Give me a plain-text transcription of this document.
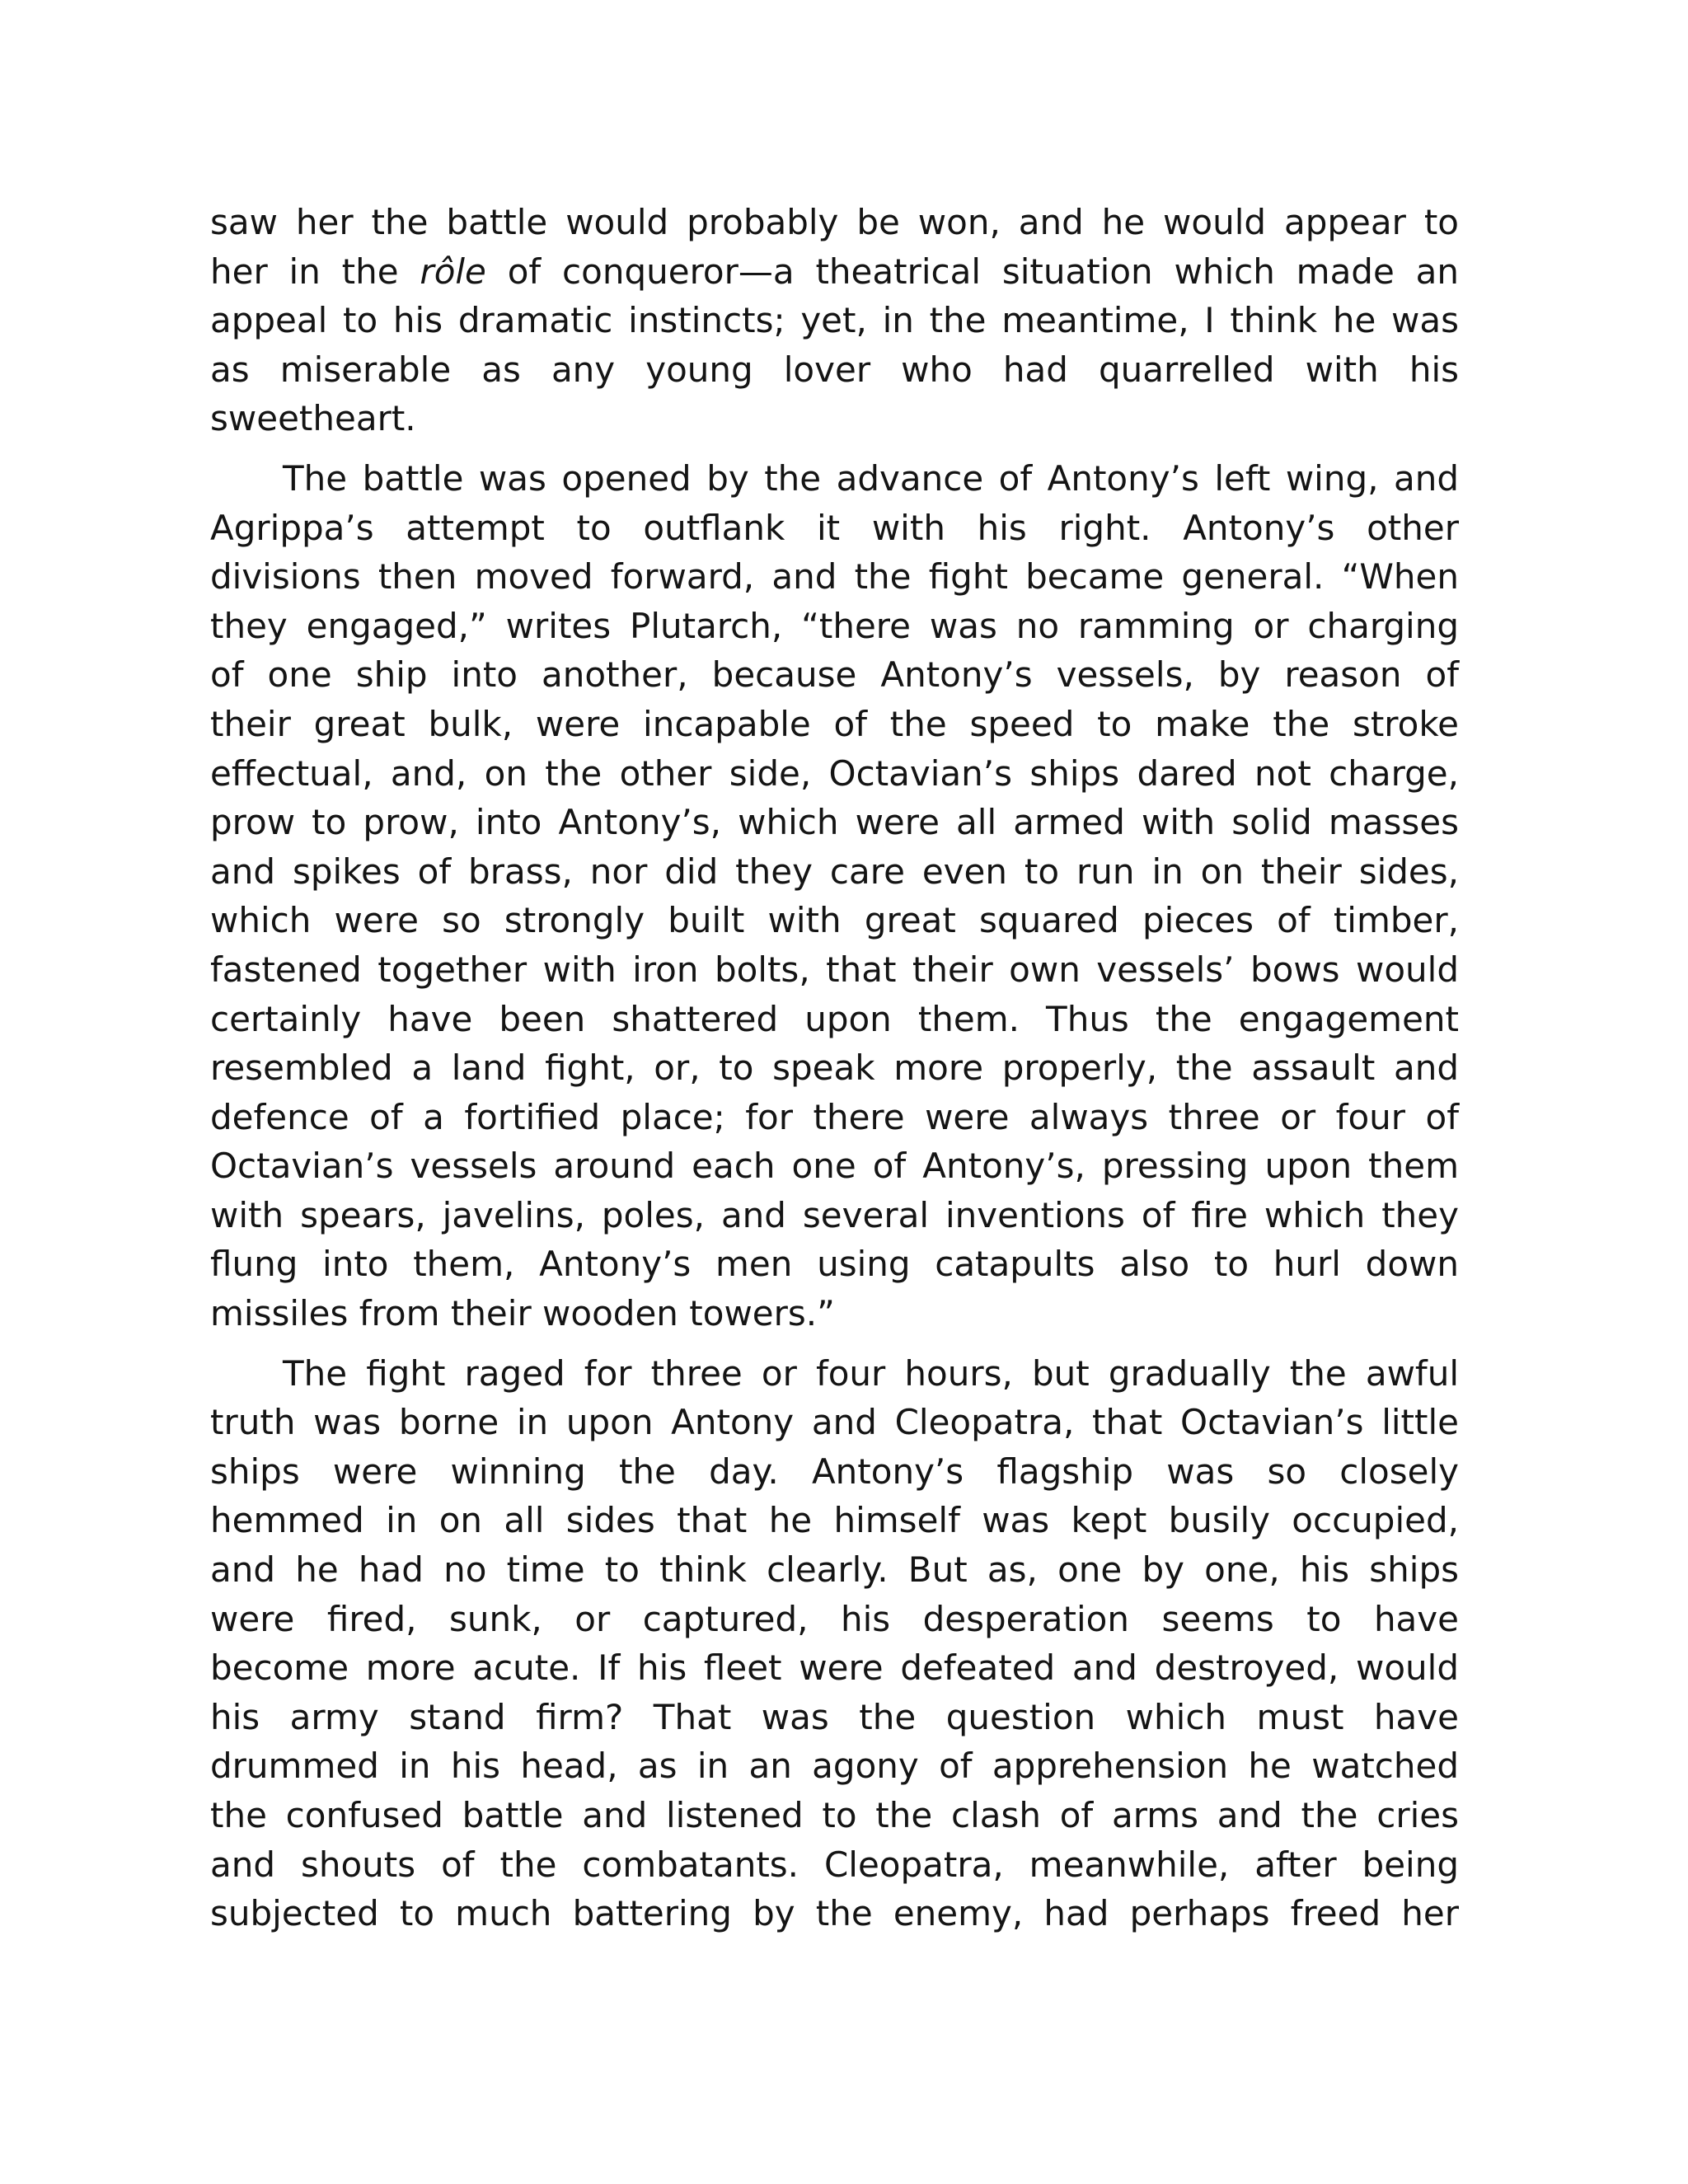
saw her the battle would probably be won, and he would appear to
her in the rôle of conqueror—a theatrical situation which made an
appeal to his dramatic instincts; yet, in the meantime, I think he was
as miserable as any young lover who had quarrelled with his
sweetheart.

The battle was opened by the advance of Antony’s left wing, and
Agrippa’s attempt to outflank it with his right. Antony’s other
divisions then moved forward, and the fight became general. “When
they engaged,” writes Plutarch, “there was no ramming or charging
of one ship into another, because Antony’s vessels, by reason of
their great bulk, were incapable of the speed to make the stroke
effectual, and, on the other side, Octavian’s ships dared not charge,
prow to prow, into Antony’s, which were all armed with solid masses
and spikes of brass, nor did they care even to run in on their sides,
which were so strongly built with great squared pieces of timber,
fastened together with iron bolts, that their own vessels’ bows would
certainly have been shattered upon them. Thus the engagement
resembled a land fight, or, to speak more properly, the assault and
defence of a fortified place; for there were always three or four of
Octavian’s vessels around each one of Antony’s, pressing upon them
with spears, javelins, poles, and several inventions of fire which they
flung into them, Antony’s men using catapults also to hurl down
missiles from their wooden towers.”

The fight raged for three or four hours, but gradually the awful
truth was borne in upon Antony and Cleopatra, that Octavian’s little
ships were winning the day. Antony’s flagship was so closely
hemmed in on all sides that he himself was kept busily occupied,
and he had no time to think clearly. But as, one by one, his ships
were fired, sunk, or captured, his desperation seems to have
become more acute. If his fleet were defeated and destroyed, would
his army stand firm? That was the question which must have
drummed in his head, as in an agony of apprehension he watched
the confused battle and listened to the clash of arms and the cries
and shouts of the combatants. Cleopatra, meanwhile, after being
subjected to much battering by the enemy, had perhaps freed her
